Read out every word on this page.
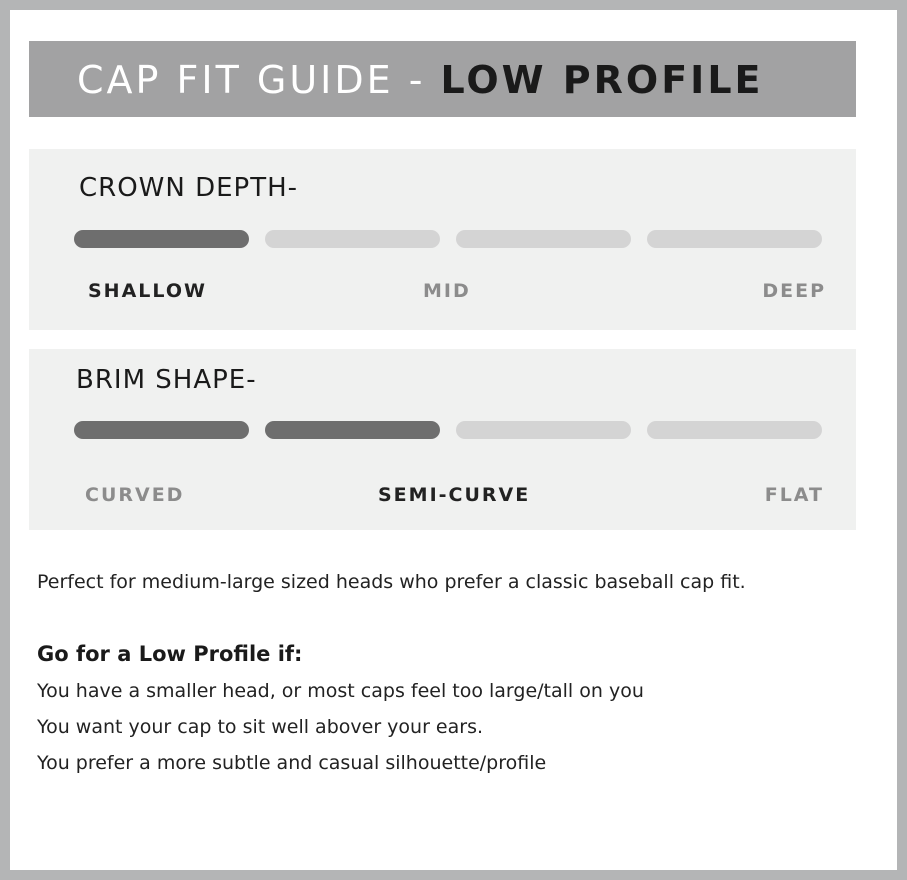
CAP FIT GUIDE - LOW PROFILE
CROWN DEPTH-
SHALLOW	MID	DEEP
BRIM SHAPE-
CURVED	SEMI-CURVE	FLAT
Perfect for medium-large sized heads who prefer a classic baseball cap fit.
Go for a Low Profile if:
You have a smaller head, or most caps feel too large/tall on you
You want your cap to sit well abover your ears.
You prefer a more subtle and casual silhouette/profile
